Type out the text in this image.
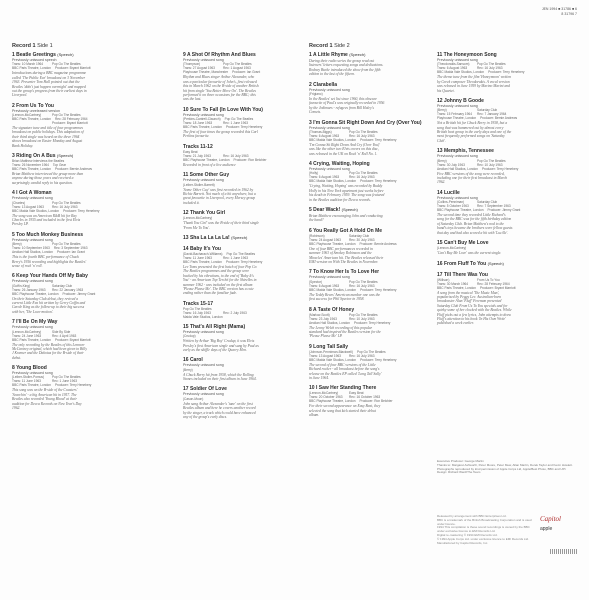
JEN 1994 ■ 31786 ■ 6
8 31796 7
Record 1 Side 1	Record 1 Side 2
1 Beatle Greetings (Speech)
Previously unissued speech
Trans: 10 March 1964	Pop Go The Beatles
BBC Paris Theatre, London Producer: Bryant Marriott
Introductions during a BBC magazine programme called 'The Public Ear' broadcast on 3 November 1963. Presenter Tom Hall pointed out that the Beatles 'didn't just happen overnight' and mapped out the group's progress from their earliest days in Liverpool.
2 From Us To You
Previously unreleased version
(Lennon-McCartney)	Pop Go The Beatles
BBC Paris Theatre, London Rec: 28 February 1964
Producer: Bryant Marriott
The signature tune and title of four programmes broadcast on public holidays. This adaptation of their third single was heard on the three 1964 shows broadcast on Easter Monday and August Bank Holiday.
3 Riding On A Bus (Speech)
Brian Matthew interviews the Beatles
Trans: 26 November 1964 Top Gear
BBC Paris Theatre, London Producer: Bernie Andrews
Brian Matthew interviewed the group more than anyone during those years and received a surprisingly candid reply to his question.
4 I Got A Woman
Previously unissued song
(Charles)	Pop Go The Beatles
Trans: 13 August 1963	Rec: 16 July 1963
BBC Maida Vale Studios, London Producer: Terry Henebery
The song was an American R&B hit for Ray Charles in 1955 and included in the first Elvis Presley LP.
5 Too Much Monkey Business
Previously unissued song
(Berry)	Pop Go The Beatles
Trans: 10 September 1963 Rec: 3 September 1963
Aeolian Hall Studios, London Producer: Ian Grant
This is the fourth BBC performance of Chuck Berry's 1956 recording and highlights the Beatles' sense of rock 'n' roll.
6 Keep Your Hands Off My Baby
Previously unissued song
(Goffin-King)	Saturday Club
Trans: 26 January 1963	Rec: 22 January 1963
BBC Playhouse Theatre, London Producer: Jimmy Grant
On their Saturday Club debut, they revived a current Little Eva hit written by Gerry Goffin and Carole King as the follow-up to their big success with her, 'The Loco-motion'.
7 I'll Be On My Way
Previously unissued song
(Lennon-McCartney)	Side By Side
Trans: 24 June 1963	Rec: 4 April 1963
BBC Paris Theatre, London Producer: Bryant Marriott
The only recording by the Beatles of this Lennon-McCartney original, which had been given to Billy J Kramer and the Dakotas for the B-side of their debut.
8 Young Blood
Previously unissued song
(Leiber-Stoller-Pomus)	Pop Go The Beatles
Trans: 11 June 1963	Rec: 1 June 1963
BBC Paris Theatre, London Producer: Terry Henebery
This song was on the B-side of the Coasters' 'Searchin' - a big American hit in 1957. The Beatles also recorded 'Young Blood' at their audition for Decca Records on New Year's Day 1962.
9 A Shot Of Rhythm And Blues
Previously unissued song
(Thompson)	Pop Go The Beatles
Trans: 27 August 1963	Rec: 1 August 1963
Playhouse Theatre, Manchester Producer: Ian Grant
Rhythm and Blues singer Arthur Alexander, who was a particular favourite of John's, first released this in March 1962 on the B-side of another British hit from single 'You Better Move On'. The Beatles performed it on three occasions for the BBC; this was the last.
10 Sure To Fall (In Love With You)
Previously unissued song
(Perkins-Cantrell-Claunch) Pop Go The Beatles
Trans: 18 June 1963	Rec: 1 June 1963
BBC Paris Theatre, London Producer: Terry Henebery
The first of four times the group recorded this Carl Perkins favourite.
Tracks 11-12
Easy Beat
Trans: 21 July 1963	Rec: 16 July 1963
BBC Playhouse Theatre, London Producer: Ron Belchier
Recorded in front of a live audience
11 Some Other Guy
Previously unissued song
(Leiber-Stoller-Barrett)
'Some Other Guy' was first recorded in 1962 by Richie Barrett. Not much of a hit anywhere, but a great favourite in Liverpool, every Mersey group included it.
12 Thank You Girl
(Lennon-McCartney)
'Thank You Girl' was the B-side of their third single 'From Me To You'.
13 Sha La La La La! (Speech)
14 Baby It's You
(David-Bacharach-Williams) Pop Go The Beatles
Trans: 11 June 1963	Rec: 1 June 1963
BBC Paris Theatre, London Producer: Terry Henebery
Lee Toms presented the first batch of four Pop Go The Beatles programmes and the group were backed by his vibrations, to the end of 'Baby It's You' - an American Top Ten hit for the Shirelles in summer 1962 - was included on the first album 'Please Please Me'. The BBC version has a cute ending rather than the familiar fade.
Tracks 15-17
Pop Go The Beatles
Trans: 16 July 1963	Rec: 2 July 1963
Maida Vale Studios, London
15 That's All Right (Mama)
Previously unissued song
(Crudup)
Written by Arthur 'Big Boy' Crudup, it was Elvis Presley's first American single and sung by Paul as early as the skiffle days of the Quarry Men.
16 Carol
Previously unissued song
(Berry)
A Chuck Berry hit from 1958, which the Rolling Stones included on their first album in June 1964.
17 Soldier Of Love
Previously unissued song
(Cason-Moon)
John sang Arthur Alexander's 'tune' on the first Beatles album and here he covers another record by the singer, a track which could have enhanced any of the group's early discs.
1 A Little Rhyme (Speech)
During their radio series the group read out listeners' letters requesting songs and dedications. Rodney Burke introduced the show from the fifth edition to the last of the fifteen.
2 Clarabella
Previously unissued song
(Frigiano)
In the Beatles' set list since 1960, this obscure favourite of Paul's was originally recorded in 1956 by the Jodimars - refugees from Bill Haley's Comets.
3 I'm Gonna Sit Right Down And Cry (Over You)
Previously unissued song
(Thomas-Biggs)	Pop Go The Beatles
Trans: 6 August 1963	Rec: 16 July 1963
BBC Maida Vale Studios, London Producer: Terry Henebery
'I'm Gonna Sit Right Down And Cry (Over You)' was like the other two Elvis covers on this disc, was released in the UK on Rock 'n' Roll No. 1.
4 Crying, Waiting, Hoping
Previously unissued song
(Holly)	Pop Go The Beatles
Trans: 6 August 1963	Rec: 16 July 1963
BBC Maida Vale Studios, London Producer: Terry Henebery
'Crying, Waiting, Hoping' was recorded by Buddy Holly in his New York apartment just weeks before his death in February 1959. The song was featured in the Beatles audition for Decca records.
5 Dear Wack! (Speech)
Brian Matthew encouraging John and conducting the band?
6 You Really Got A Hold On Me
(Robinson)	Saturday Club
Trans: 24 August 1963	Rec: 30 July 1963
BBC Playhouse Theatre, London Producer: Bernie Andrews
One of four BBC performances recorded in summer 1963 of Smokey Robinson and the Miracles' American hit. The Beatles released their EMI version on With The Beatles in November.
7 To Know Her Is To Love Her
Previously unissued song
(Spector)	Pop Go The Beatles
Trans: 6 August 1963	Rec: 16 July 1963
BBC Maida Vale Studios, London Producer: Terry Henebery
The Teddy Bears' American number one was the first success for Phil Spector in 1958.
8 A Taste Of Honey
(Marlow-Scott)	Pop Go The Beatles
Trans: 23 July 1963	Rec: 10 July 1963
Aeolian Hall Studios, London Producer: Terry Henebery
The Lenny Welch recording of this popular standard had inspired the Beatles version for the 'Please Please Me' LP.
9 Long Tall Sally
(Johnson-Penniman-Blackwell) Pop Go The Beatles
Trans: 13 August 1963	Rec: 16 July 1963
BBC Maida Vale Studios, London Producer: Terry Henebery
The second of four BBC versions of the Little Richard rocker - all broadcast before the song's release on the Beatles EP called 'Long Tall Sally' in June 1964.
10 I Saw Her Standing There
(Lennon-McCartney)	Easy Beat
Trans: 20 October 1963	Rec: 16 October 1963
BBC Playhouse Theatre, London Producer: Ron Belchier
For their second appearance on Easy Beat, they selected the song that kick started their debut album.
11 The Honeymoon Song
Previously unissued song
(Theodorakis-Sansom)	Pop Go The Beatles
Trans: 6 August 1963	Rec: 16 July 1963
BBC Maida Vale Studios, London Producer: Terry Henebery
The theme tune from the film 'Honeymoon' written by Greek composer Theodorakis. A vocal version was released in June 1959 by Marino Marini and his Quartet.
12 Johnny B Goode
Previously unissued song
(Berry)	Saturday Club
Trans: 15 February 1964	Rec: 7 January 1964
Playhouse Theatre, London Producer: Bernie Andrews
Not a British hit for Chuck Berry in 1958, but a song that was hammered out by almost every British beat group in the early days and one of the most frequently performed songs on 'Saturday Club'.
13 Memphis, Tennessee
Previously unissued song
(Berry)	Pop Go The Beatles
Trans: 30 July 1963	Rec: 10 July 1963
Aeolian Hall Studios, London Producer: Terry Henebery
Five BBC versions of the song were recorded, including one for their first broadcast in March 1962.
14 Lucille
Previously unissued song
(Collins-Penniman)	Saturday Club
Trans: 5 October 1963	Rec: 7 September 1963
BBC Playhouse Theatre, London Producer: Jimmy Grant
The second time they recorded Little Richard's song for the BBC was for the fifth birthday edition of Saturday Club. Brian Matthew's nod to the band's toys became the brothers were fellow guests that day and had also scored a hit with 'Lucille'.
15 Can't Buy Me Love
(Lennon-McCartney)
'Can't Buy Me Love' was the current single.
16 From Fluff To You (Speech)
17 Till There Was You
(Willson)	From Us To You
Trans: 30 March 1964	Rec: 28 February 1964
BBC Paris Theatre, London Producer: Bryant Marriott
A song from the musical 'The Music Man', popularised by Peggy Lee. Australian-born broadcaster Alan 'Fluff' Freeman presented Saturday Club From Us To You specials and for quirky some of her clocked with the Beatles. While Fluff picks out a few lyrics, John attempts to draw Fluff's attention to his book 'In His Own Write' published a week earlier.
Executive Producer: George Martin
Thanks to: Margaret Ashworth, Peter Moore, Peter Mew, Allan Martin, Derek Taylor and Kevin Howlett.
Photographs reproduced by kind permission of Apple Corps Ltd, Apple/Best Photo, BBC and UPI.
Design: Richard Ward/The Team
Released by arrangement with BBC Enterprises Ltd.
BBC is a trademark of the British Broadcasting Corporation and is used under licence.
1994 This compilation is these sound recordings is owned by the BBC under exclusive licence to EMI Records Ltd.
Digital re-mastering © 1994 EMI Records Ltd.
© 1994 Apple Corps Ltd. under exclusive licence to EMI Records Ltd. Manufactured by Capitol Records, Inc.
Capitol
apple
